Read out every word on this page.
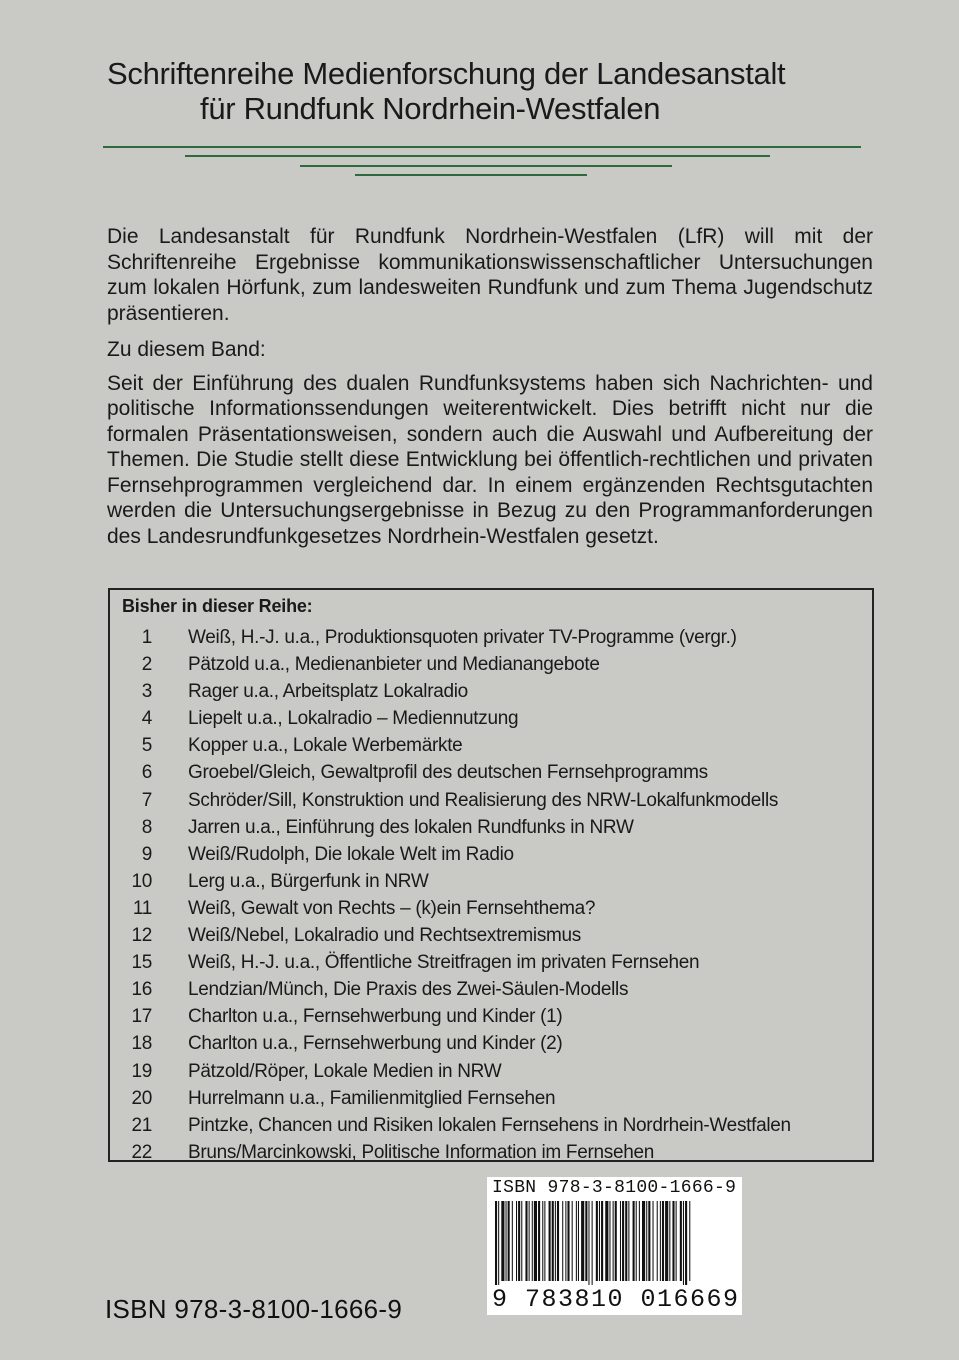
Schriftenreihe Medienforschung der Landesanstalt
für Rundfunk Nordrhein-Westfalen

Die Landesanstalt für Rundfunk Nordrhein-Westfalen (LfR) will mit der Schriftenreihe Ergebnisse kommunikationswissenschaftlicher Untersuchungen zum lokalen Hörfunk, zum landesweiten Rundfunk und zum Thema Jugendschutz präsentieren.

Zu diesem Band:

Seit der Einführung des dualen Rundfunksystems haben sich Nachrichten- und politische Informationssendungen weiterentwickelt. Dies betrifft nicht nur die formalen Präsentationsweisen, sondern auch die Auswahl und Aufbereitung der Themen. Die Studie stellt diese Entwicklung bei öffentlich-rechtlichen und privaten Fernsehprogrammen vergleichend dar. In einem ergänzenden Rechtsgutachten werden die Untersuchungsergebnisse in Bezug zu den Programmanforderungen des Landesrundfunkgesetzes Nordrhein-Westfalen gesetzt.

Bisher in dieser Reihe:
1 Weiß, H.-J. u.a., Produktionsquoten privater TV-Programme (vergr.)
2 Pätzold u.a., Medienanbieter und Medianangebote
3 Rager u.a., Arbeitsplatz Lokalradio
4 Liepelt u.a., Lokalradio – Mediennutzung
5 Kopper u.a., Lokale Werbemärkte
6 Groebel/Gleich, Gewaltprofil des deutschen Fernsehprogramms
7 Schröder/Sill, Konstruktion und Realisierung des NRW-Lokalfunkmodells
8 Jarren u.a., Einführung des lokalen Rundfunks in NRW
9 Weiß/Rudolph, Die lokale Welt im Radio
10 Lerg u.a., Bürgerfunk in NRW
11 Weiß, Gewalt von Rechts – (k)ein Fernsehthema?
12 Weiß/Nebel, Lokalradio und Rechtsextremismus
15 Weiß, H.-J. u.a., Öffentliche Streitfragen im privaten Fernsehen
16 Lendzian/Münch, Die Praxis des Zwei-Säulen-Modells
17 Charlton u.a., Fernsehwerbung und Kinder (1)
18 Charlton u.a., Fernsehwerbung und Kinder (2)
19 Pätzold/Röper, Lokale Medien in NRW
20 Hurrelmann u.a., Familienmitglied Fernsehen
21 Pintzke, Chancen und Risiken lokalen Fernsehens in Nordrhein-Westfalen
22 Bruns/Marcinkowski, Politische Information im Fernsehen
ISBN 978-3-8100-1666-9
9 783810 016669
ISBN 978-3-8100-1666-9
